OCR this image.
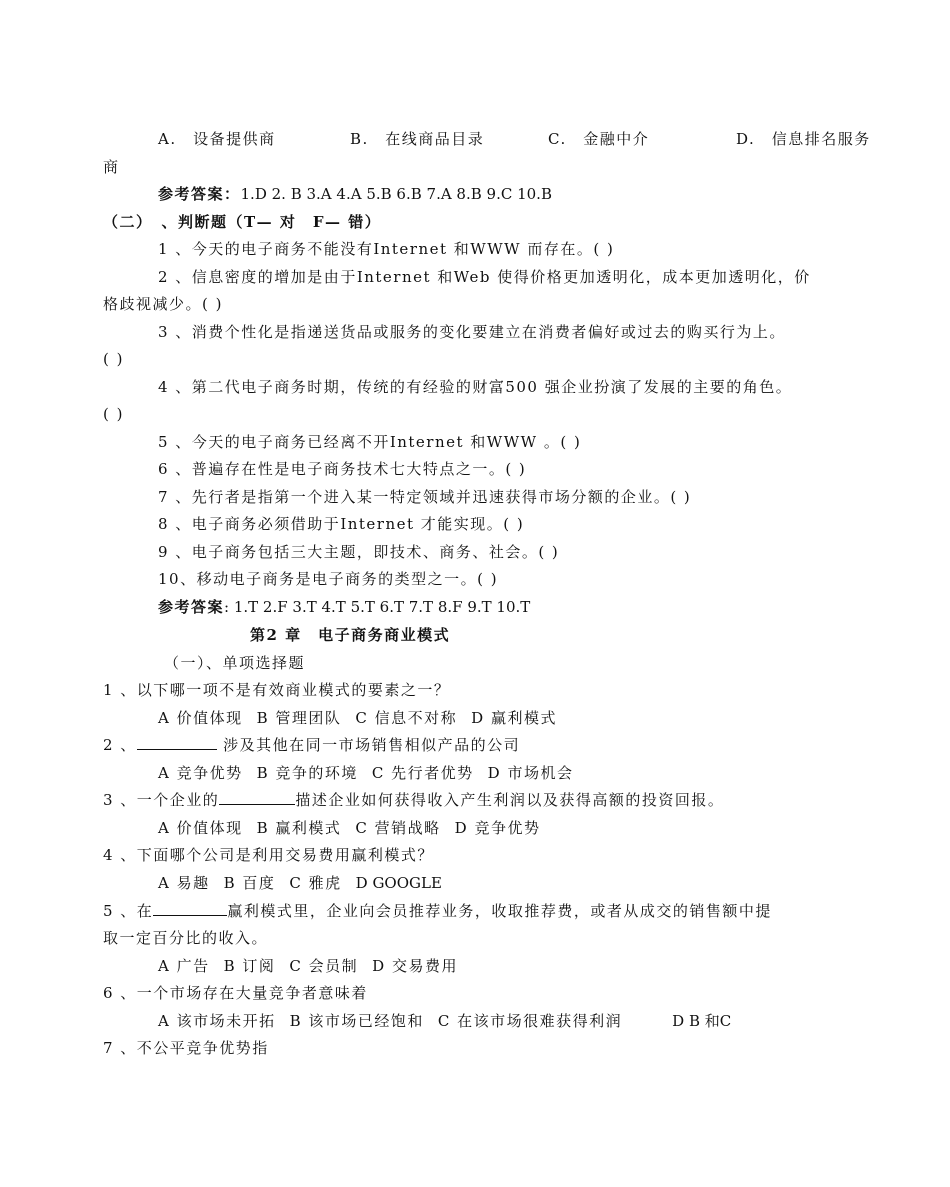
A.　设备提供商	B.　在线商品目录	C.　金融中介	D.　信息排名服务
商
参考答案：1.D 2. B 3.A 4.A 5.B 6.B 7.A 8.B 9.C 10.B
（二）　、判断题（T— 对　F— 错）
1 、今天的电子商务不能没有Internet 和WWW 而存在。( )
2 、信息密度的增加是由于Internet 和Web 使得价格更加透明化，成本更加透明化，价
格歧视减少。( )
3 、消费个性化是指递送货品或服务的变化要建立在消费者偏好或过去的购买行为上。
( )
4 、第二代电子商务时期，传统的有经验的财富500 强企业扮演了发展的主要的角色。
( )
5 、今天的电子商务已经离不开Internet 和WWW 。( )
6 、普遍存在性是电子商务技术七大特点之一。( )
7 、先行者是指第一个进入某一特定领域并迅速获得市场分额的企业。( )
8 、电子商务必须借助于Internet 才能实现。( )
9 、电子商务包括三大主题，即技术、商务、社会。( )
10、移动电子商务是电子商务的类型之一。( )
参考答案: 1.T 2.F 3.T 4.T 5.T 6.T 7.T 8.F 9.T 10.T
第2 章　电子商务商业模式
（一）、单项选择题
1 、以下哪一项不是有效商业模式的要素之一？
A 价值体现 B 管理团队 C 信息不对称 D 赢利模式
2 、	涉及其他在同一市场销售相似产品的公司
A 竞争优势 B 竞争的环境 C 先行者优势 D 市场机会
3 、一个企业的	描述企业如何获得收入产生利润以及获得高额的投资回报。
A 价值体现 B 赢利模式 C 营销战略 D 竞争优势
4 、下面哪个公司是利用交易费用赢利模式？
A 易趣 B 百度 C 雅虎 D GOOGLE
5 、在	赢利模式里，企业向会员推荐业务，收取推荐费，或者从成交的销售额中提
取一定百分比的收入。
A 广告 B 订阅 C 会员制 D 交易费用
6 、一个市场存在大量竞争者意味着
A 该市场未开拓 B 该市场已经饱和 C 在该市场很难获得利润	D B 和C
7 、不公平竞争优势指
